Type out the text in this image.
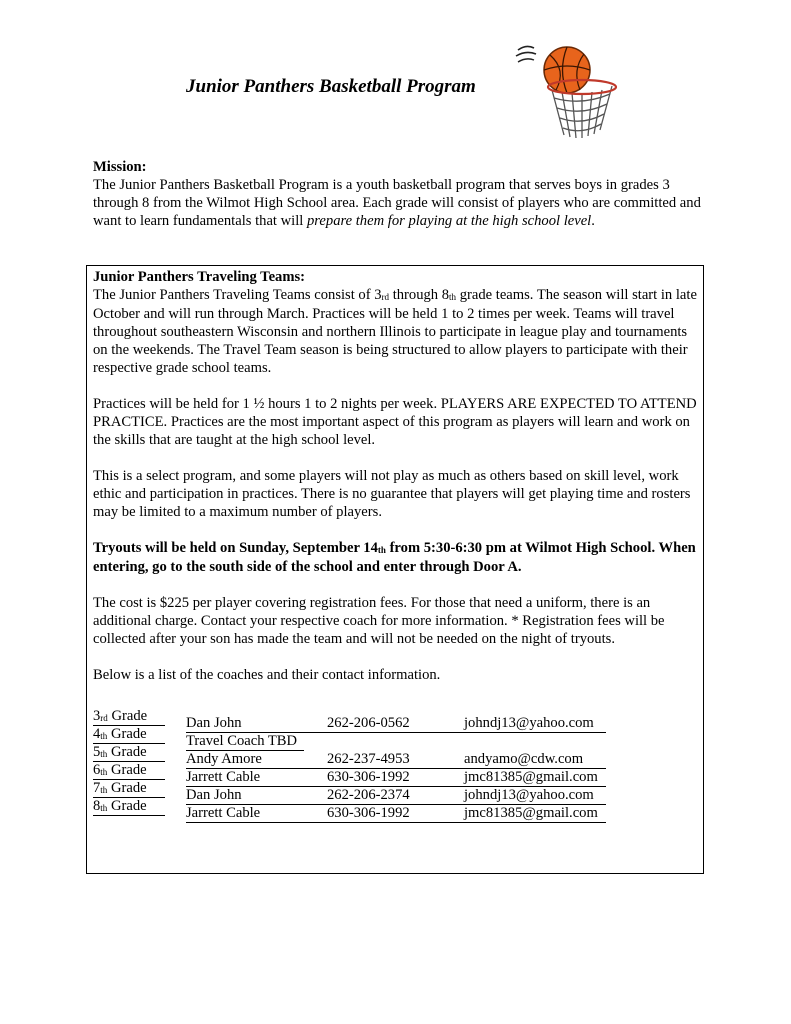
Junior Panthers Basketball Program
Mission:
The Junior Panthers Basketball Program is a youth basketball program that serves boys in grades 3 through 8 from the Wilmot High School area. Each grade will consist of players who are committed and want to learn fundamentals that will prepare them for playing at the high school level.

Junior Panthers Traveling Teams:

The Junior Panthers Traveling Teams consist of 3rd through 8th grade teams. The season will start in late October and will run through March. Practices will be held 1 to 2 times per week. Teams will travel throughout southeastern Wisconsin and northern Illinois to participate in league play and tournaments on the weekends. The Travel Team season is being structured to allow players to participate with their respective grade school teams.

Practices will be held for 1 ½ hours 1 to 2 nights per week. PLAYERS ARE EXPECTED TO ATTEND PRACTICE. Practices are the most important aspect of this program as players will learn and work on the skills that are taught at the high school level.

This is a select program, and some players will not play as much as others based on skill level, work ethic and participation in practices. There is no guarantee that players will get playing time and rosters may be limited to a maximum number of players.

Tryouts will be held on Sunday, September 14th from 5:30-6:30 pm at Wilmot High School. When entering, go to the south side of the school and enter through Door A.

The cost is $225 per player covering registration fees. For those that need a uniform, there is an additional charge. Contact your respective coach for more information. * Registration fees will be collected after your son has made the team and will not be needed on the night of tryouts.

Below is a list of the coaches and their contact information.

3rd Grade	Dan John	262-206-0562	johndj13@yahoo.com
4th Grade	Travel Coach TBD
5th Grade	Andy Amore	262-237-4953	andyamo@cdw.com
6th Grade	Jarrett Cable	630-306-1992	jmc81385@gmail.com
7th Grade	Dan John	262-206-2374	johndj13@yahoo.com
8th Grade	Jarrett Cable	630-306-1992	jmc81385@gmail.com
